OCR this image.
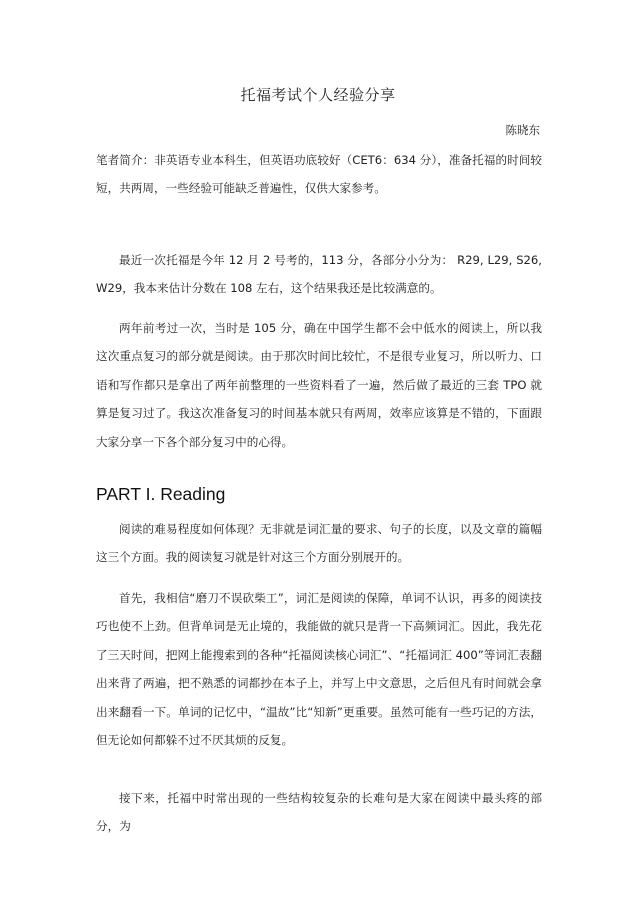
托福考试个人经验分享
陈晓东
笔者简介：非英语专业本科生，但英语功底较好（CET6：634 分），准备托福的时间较短，共两周，一些经验可能缺乏普遍性，仅供大家参考。
最近一次托福是今年 12 月 2 号考的，113 分，各部分小分为： R29, L29, S26, W29，我本来估计分数在 108 左右，这个结果我还是比较满意的。
两年前考过一次，当时是 105 分，确在中国学生都不会中低水的阅读上，所以我这次重点复习的部分就是阅读。由于那次时间比较忙，不是很专业复习，所以听力、口语和写作都只是拿出了两年前整理的一些资料看了一遍，然后做了最近的三套 TPO 就算是复习过了。我这次准备复习的时间基本就只有两周，效率应该算是不错的，下面跟大家分享一下各个部分复习中的心得。
PART I. Reading
阅读的难易程度如何体现？无非就是词汇量的要求、句子的长度，以及文章的篇幅这三个方面。我的阅读复习就是针对这三个方面分别展开的。
首先，我相信“磨刀不误砍柴工”，词汇是阅读的保障，单词不认识，再多的阅读技巧也使不上劲。但背单词是无止境的，我能做的就只是背一下高频词汇。因此，我先花了三天时间，把网上能搜索到的各种“托福阅读核心词汇”、“托福词汇 400”等词汇表翻出来背了两遍，把不熟悉的词都抄在本子上，并写上中文意思，之后但凡有时间就会拿出来翻看一下。单词的记忆中，“温故”比“知新”更重要。虽然可能有一些巧记的方法，但无论如何都躲不过不厌其烦的反复。
接下来，托福中时常出现的一些结构较复杂的长难句是大家在阅读中最头疼的部分，为
